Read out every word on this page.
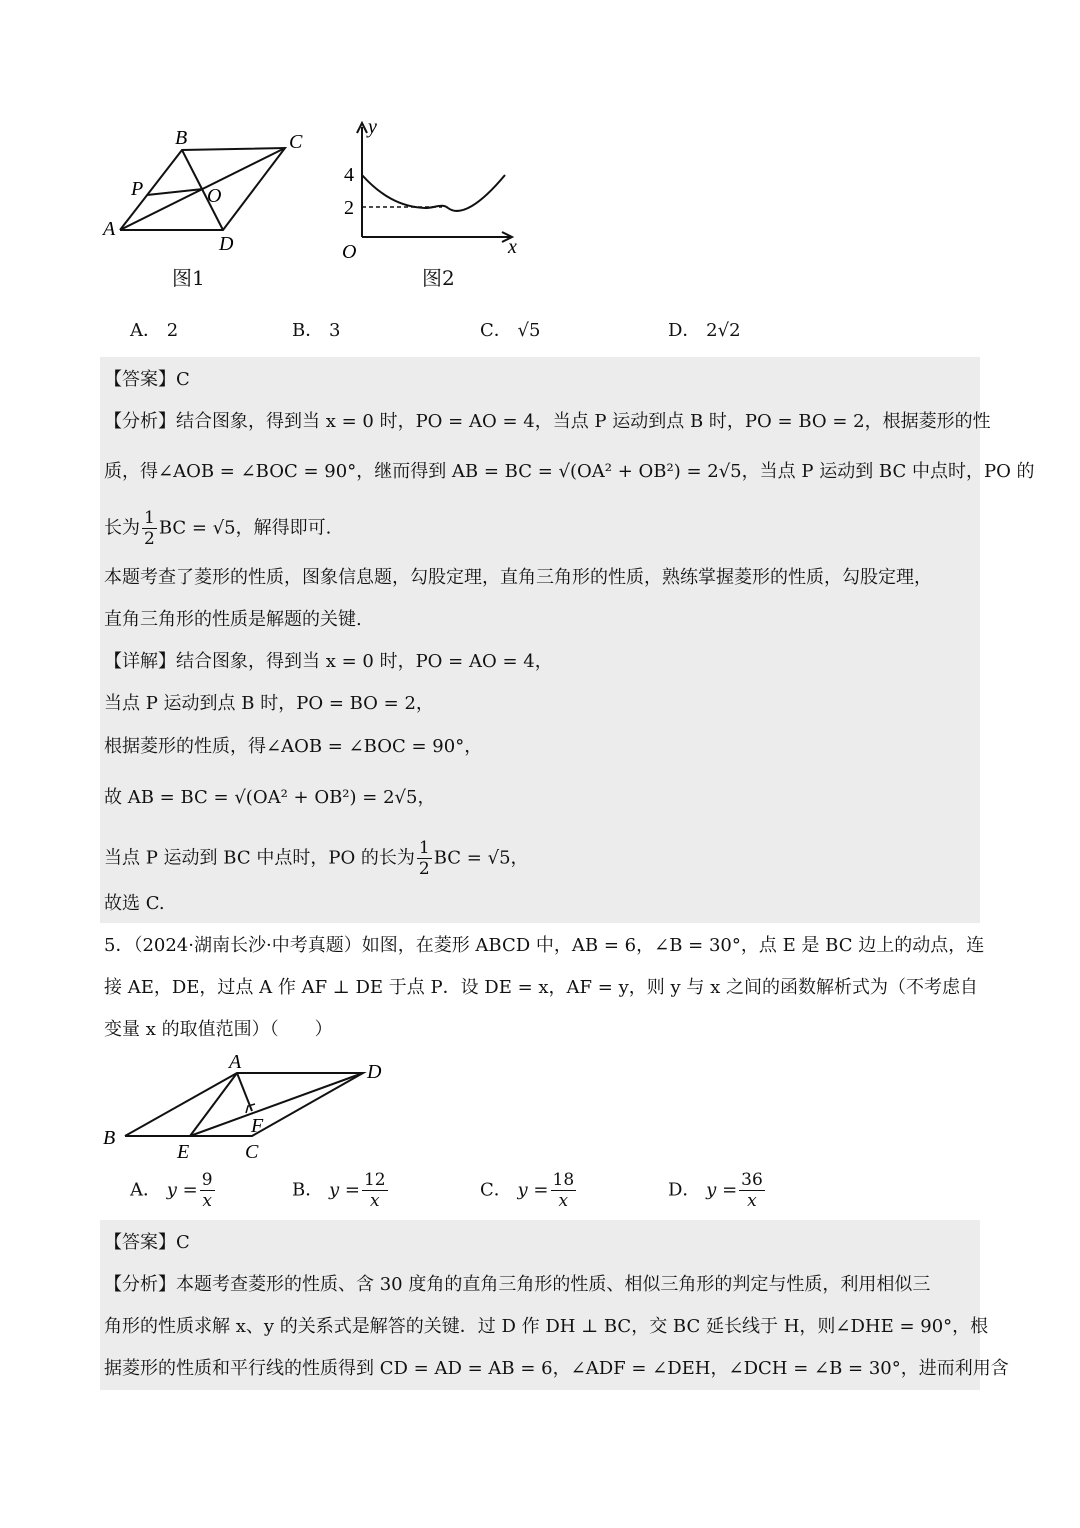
B	C
P	O
A
D
图1
y
4
2
O	x
图2
A． 2	B． 3	C． √5	D． 2√2
【答案】C
【分析】结合图象，得到当 x = 0 时，PO = AO = 4，当点 P 运动到点 B 时，PO = BO = 2，根据菱形的性
质，得∠AOB = ∠BOC = 90°，继而得到 AB = BC = √(OA² + OB²) = 2√5，当点 P 运动到 BC 中点时，PO 的
长为 $\frac{1}{2}$ BC = √5，解得即可.
本题考查了菱形的性质，图象信息题，勾股定理，直角三角形的性质，熟练掌握菱形的性质，勾股定理，
直角三角形的性质是解题的关键.
【详解】结合图象，得到当 x = 0 时，PO = AO = 4，
当点 P 运动到点 B 时，PO = BO = 2，
根据菱形的性质，得∠AOB = ∠BOC = 90°，
故 AB = BC = √(OA² + OB²) = 2√5，
当点 P 运动到 BC 中点时，PO 的长为 $\frac{1}{2}$ BC = √5，
故选 C.
5．（2024·湖南长沙·中考真题）如图，在菱形 ABCD 中，AB = 6，∠B = 30°，点 E 是 BC 边上的动点，连
接 AE，DE，过点 A 作 AF ⊥ DE 于点 P．设 DE = x，AF = y，则 y 与 x 之间的函数解析式为（不考虑自
变量 x 的取值范围）（　　）
A	D
B
F
E	C
A． $y = \frac{9}{x}$	B． $y = \frac{12}{x}$	C． $y = \frac{18}{x}$	D． $y = \frac{36}{x}$
【答案】C
【分析】本题考查菱形的性质、含 30 度角的直角三角形的性质、相似三角形的判定与性质，利用相似三
角形的性质求解 x、y 的关系式是解答的关键．过 D 作 DH ⊥ BC，交 BC 延长线于 H，则∠DHE = 90°，根
据菱形的性质和平行线的性质得到 CD = AD = AB = 6，∠ADF = ∠DEH，∠DCH = ∠B = 30°，进而利用含
